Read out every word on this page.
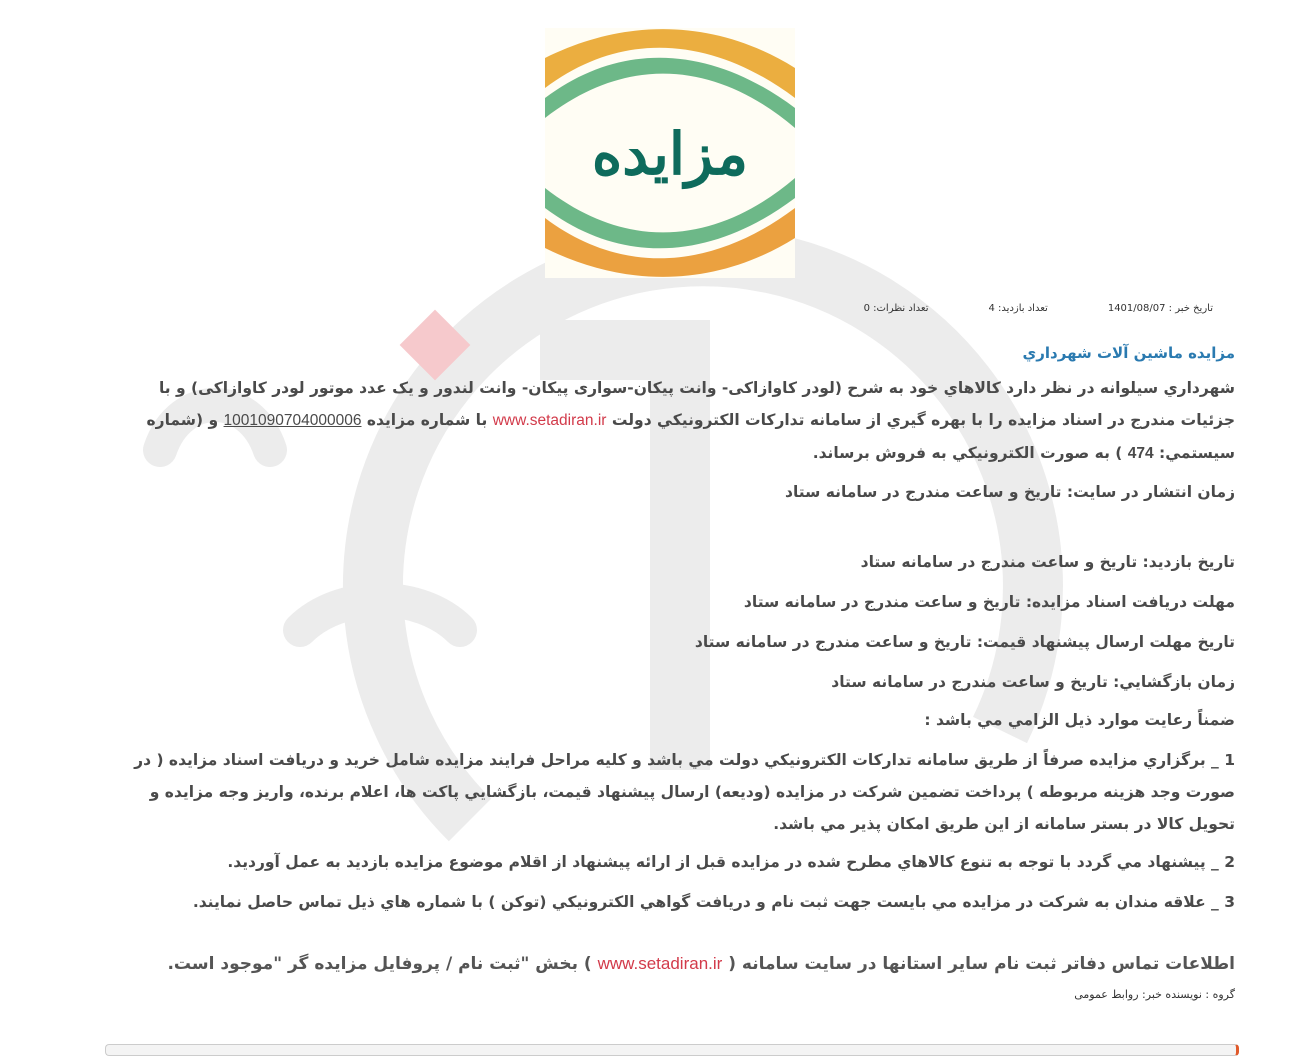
مزايده
تاریخ خبر : 1401/08/07
تعداد بازدید: 4
تعداد نظرات: 0
مزايده ماشين آلات شهرداري

شهرداري سيلوانه در نظر دارد كالاهاي خود به شرح (لودر کاوازاکی- وانت پیکان-سواری پیکان- وانت لندور و یک عدد موتور لودر کاوازاکی) و با جزئيات مندرج در اسناد مزايده را با بهره گيري از سامانه تداركات الكترونيكي دولت www.setadiran.ir با شماره مزايده 1001090704000006 و (شماره سيستمي: 474 ) به صورت الكترونيكي به فروش برساند.

زمان انتشار در سايت: تاريخ و ساعت مندرج در سامانه ستاد

تاريخ بازديد: تاريخ و ساعت مندرج در سامانه ستاد

مهلت دريافت اسناد مزايده: تاريخ و ساعت مندرج در سامانه ستاد

تاريخ مهلت ارسال پيشنهاد قيمت: تاريخ و ساعت مندرج در سامانه ستاد

زمان بازگشايي: تاريخ و ساعت مندرج در سامانه ستاد

ضمناً رعايت موارد ذيل الزامي مي باشد :

1 _ برگزاري مزايده صرفاً از طريق سامانه تداركات الكترونيكي دولت مي باشد و كليه مراحل فرايند مزايده شامل خريد و دريافت اسناد مزايده ( در صورت وجد هزينه مربوطه ) پرداخت تضمين شركت در مزايده (وديعه) ارسال پيشنهاد قيمت، بازگشايي پاكت ها، اعلام برنده، واريز وجه مزايده و تحويل كالا در بستر سامانه از اين طريق امكان پذير مي باشد.

2 _ پيشنهاد مي گردد با توجه به تنوع كالاهاي مطرح شده در مزايده قبل از ارائه پيشنهاد از اقلام موضوع مزايده بازديد به عمل آورديد.

3 _ علاقه مندان به شركت در مزايده مي بايست جهت ثبت نام و دريافت گواهي الكترونيكي (توكن ) با شماره هاي ذيل تماس حاصل نمايند.

اطلاعات تماس دفاتر ثبت نام ساير استانها در سايت سامانه ( www.setadiran.ir ) بخش "ثبت نام / پروفايل مزايده گر "موجود است.

گروه : نویسنده خبر: روابط عمومی
